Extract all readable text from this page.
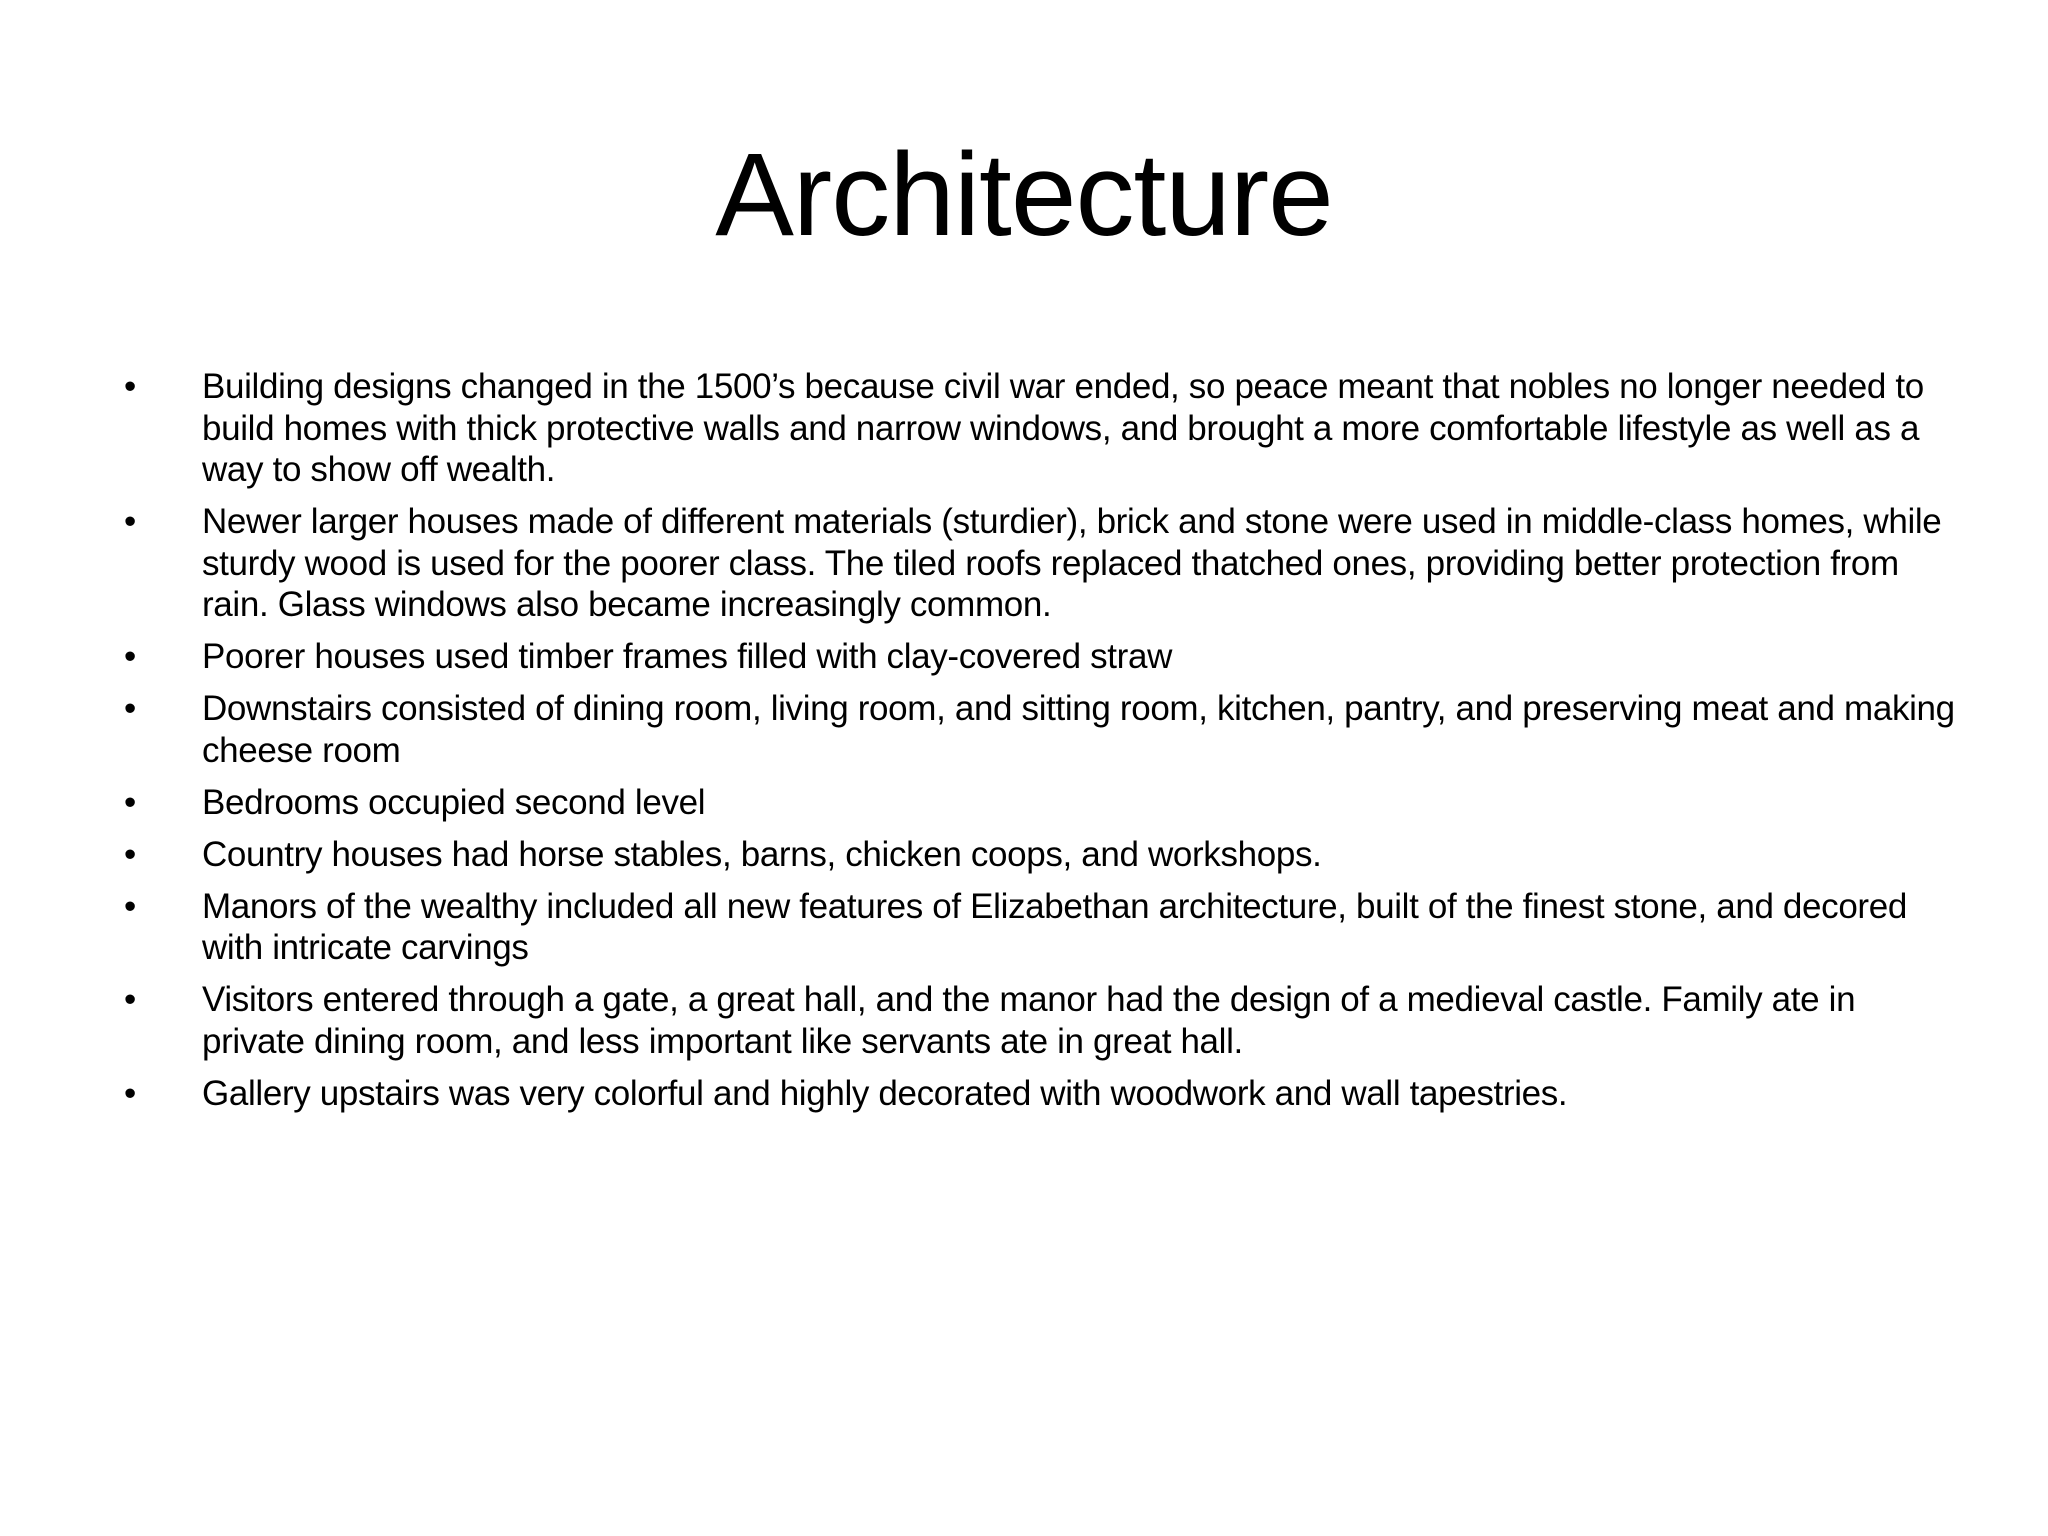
Architecture
•	Building designs changed in the 1500’s because civil war ended, so peace meant that nobles no longer needed to build homes with thick protective walls and narrow windows, and brought a more comfortable lifestyle as well as a way to show off wealth.
•	Newer larger houses made of different materials (sturdier), brick and stone were used in middle-class homes, while sturdy wood is used for the poorer class. The tiled roofs replaced thatched ones, providing better protection from rain. Glass windows also became increasingly common.
•	Poorer houses used timber frames filled with clay-covered straw
•	Downstairs consisted of dining room, living room, and sitting room, kitchen, pantry, and preserving meat and making cheese room
•	Bedrooms occupied second level
•	Country houses had horse stables, barns, chicken coops, and workshops.
•	Manors of the wealthy included all new features of Elizabethan architecture, built of the finest stone, and decored with intricate carvings
•	Visitors entered through a gate, a great hall, and the manor had the design of a medieval castle. Family ate in private dining room, and less important like servants ate in great hall.
•	Gallery upstairs was very colorful and highly decorated with woodwork and wall tapestries.
